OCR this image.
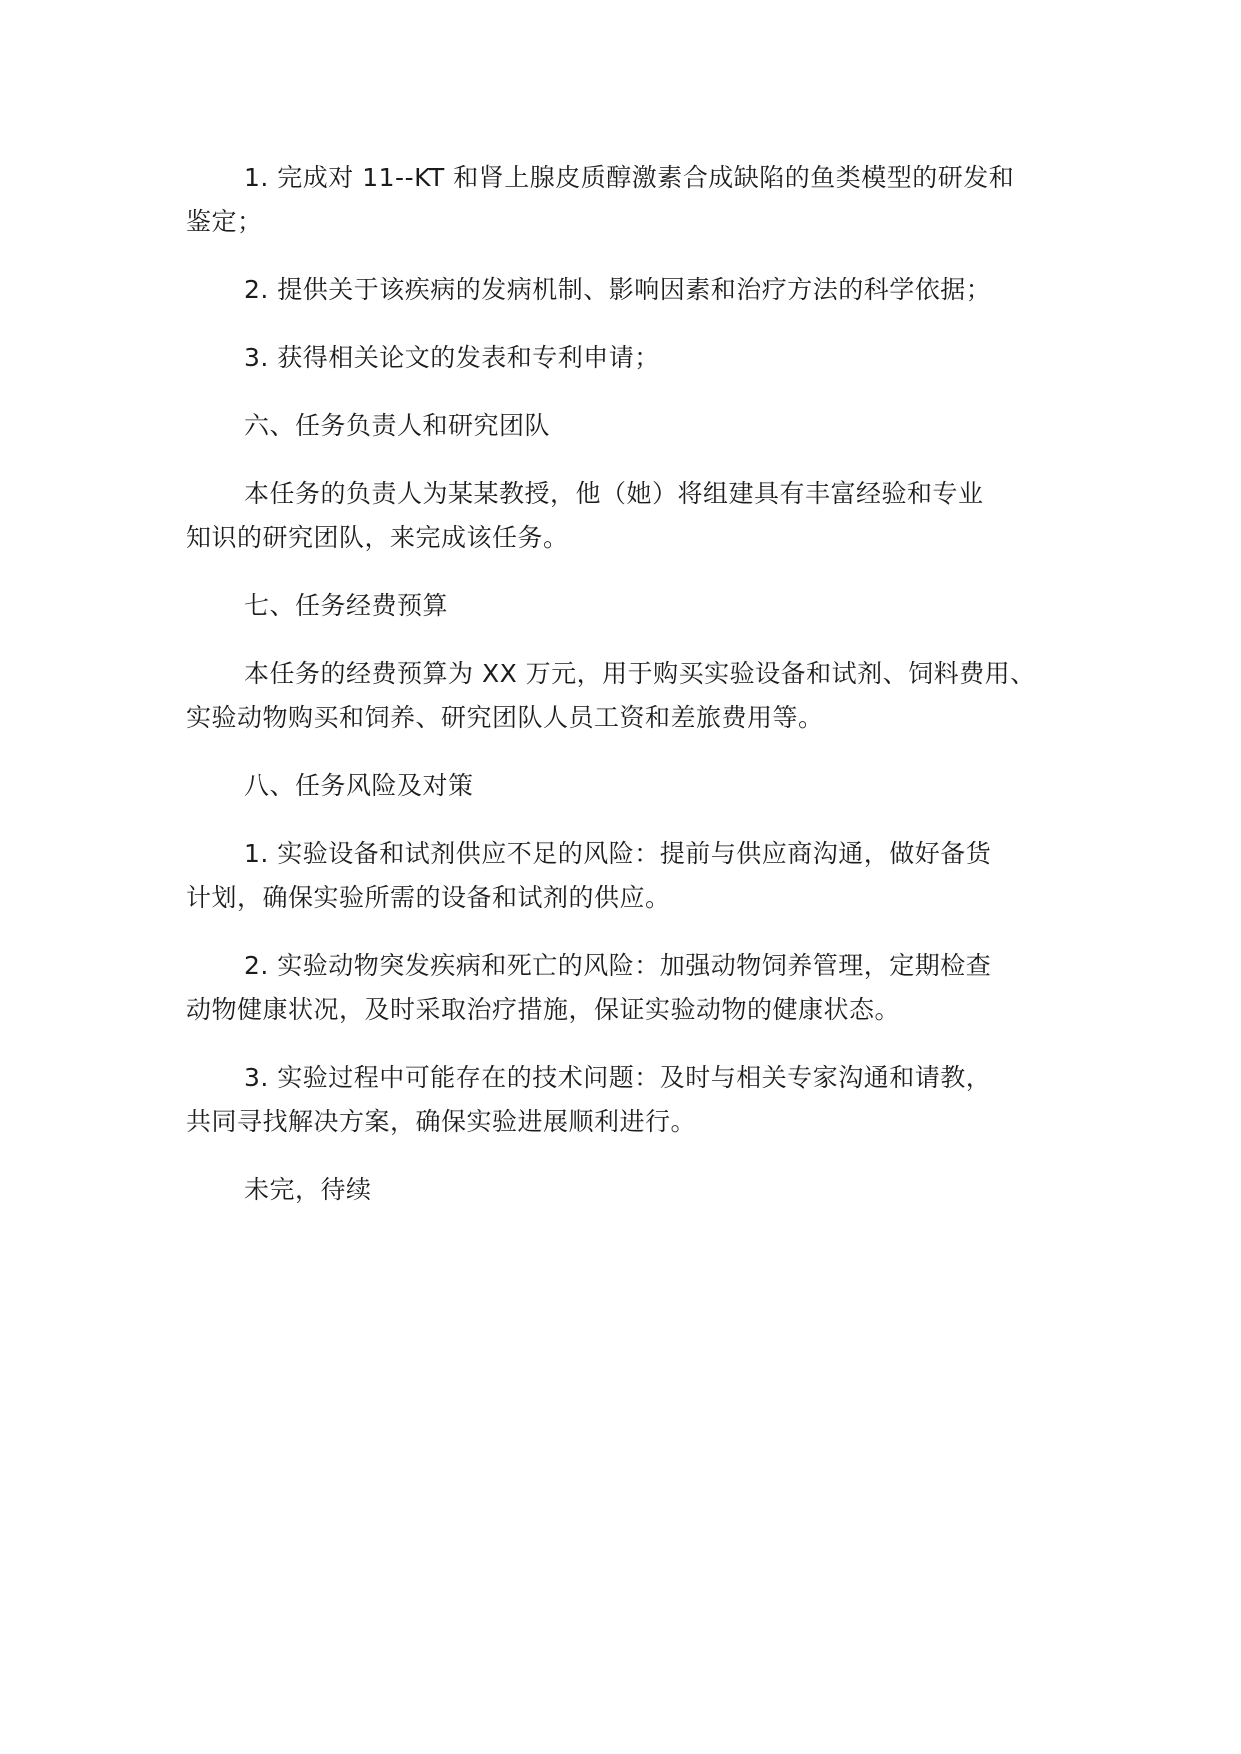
1. 完成对 11--KT 和肾上腺皮质醇激素合成缺陷的鱼类模型的研发和
鉴定；

2. 提供关于该疾病的发病机制、影响因素和治疗方法的科学依据；

3. 获得相关论文的发表和专利申请；

六、任务负责人和研究团队

本任务的负责人为某某教授，他（她）将组建具有丰富经验和专业
知识的研究团队，来完成该任务。

七、任务经费预算

本任务的经费预算为 XX 万元，用于购买实验设备和试剂、饲料费用、
实验动物购买和饲养、研究团队人员工资和差旅费用等。

八、任务风险及对策

1. 实验设备和试剂供应不足的风险：提前与供应商沟通，做好备货
计划，确保实验所需的设备和试剂的供应。

2. 实验动物突发疾病和死亡的风险：加强动物饲养管理，定期检查
动物健康状况，及时采取治疗措施，保证实验动物的健康状态。

3. 实验过程中可能存在的技术问题：及时与相关专家沟通和请教，
共同寻找解决方案，确保实验进展顺利进行。

未完，待续
